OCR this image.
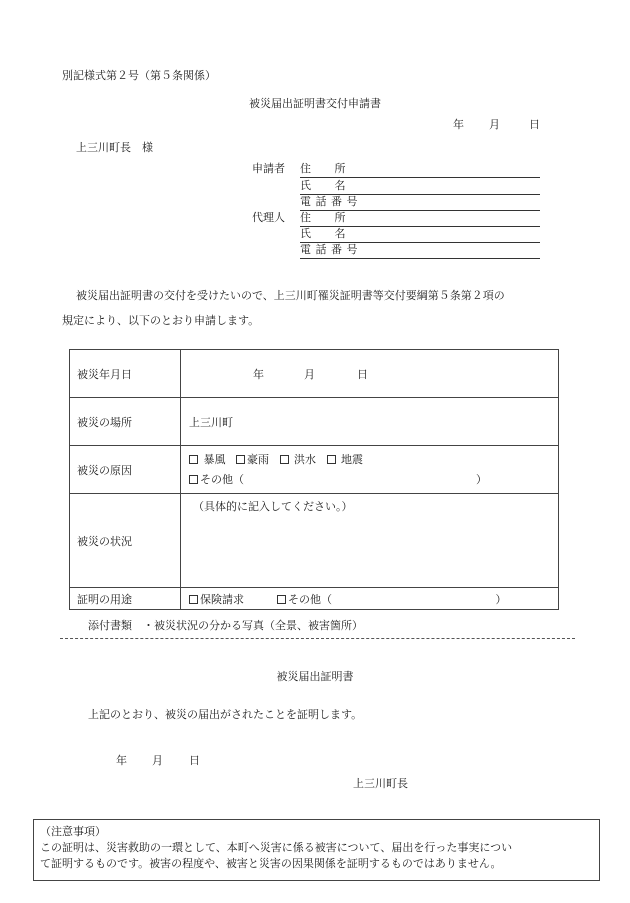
別記様式第２号（第５条関係）
被災届出証明書交付申請書
年 月	日
上三川町長　様
申請者	住　　所
氏　　名
電 話 番 号
代理人	住　　所
氏　　名
電 話 番 号
被災届出証明書の交付を受けたいので、上三川町罹災証明書等交付要綱第５条第２項の
規定により、以下のとおり申請します。
被災年月日	年 月 日
被災の場所	上三川町
被災の原因	暴風 豪雨 洪水 地震
その他（ ）

被災の状況	（具体的に記入してください。）
証明の用途	保険請求 その他（ ）
添付書類　・被災状況の分かる写真（全景、被害箇所）
被災届出証明書
上記のとおり、被災の届出がされたことを証明します。
年 月 日
上三川町長
（注意事項）
この証明は、災害救助の一環として、本町へ災害に係る被害について、届出を行った事実につい
て証明するものです。被害の程度や、被害と災害の因果関係を証明するものではありません。
